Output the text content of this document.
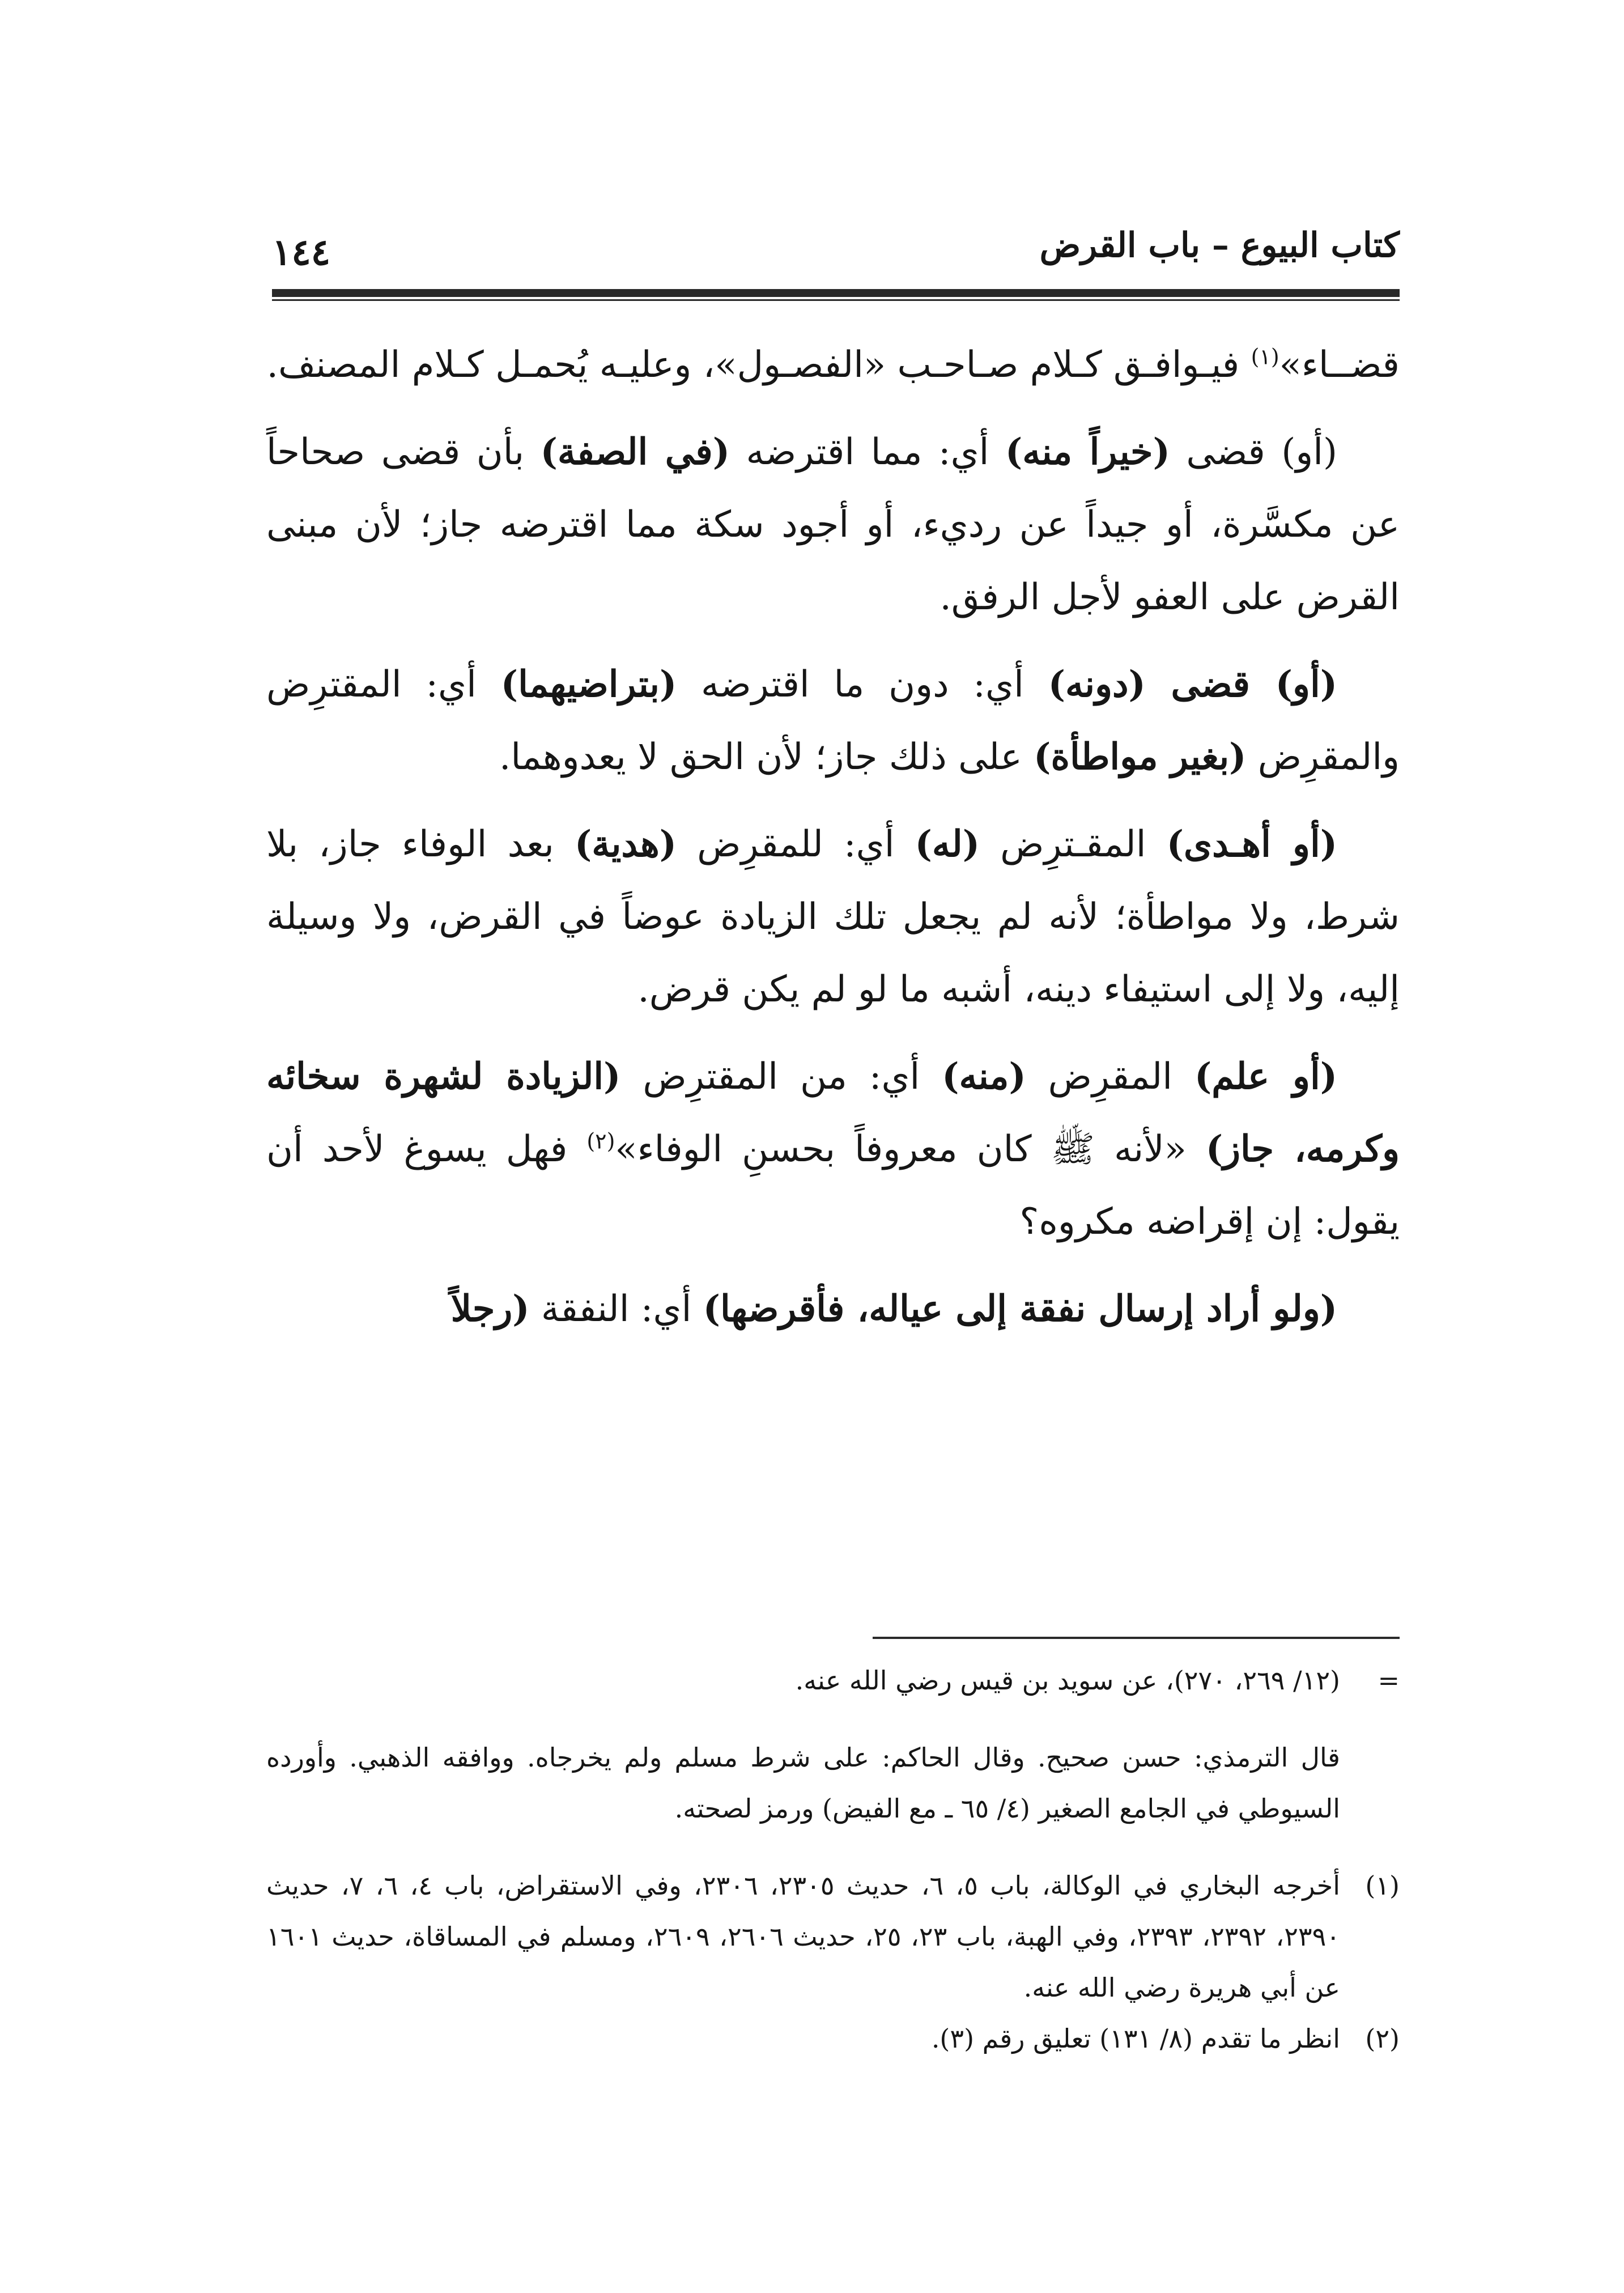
١٤٤	كتاب البيوع – باب القرض

قضــاء»$^{(١)}$ فيـوافـق كـلام صـاحـب «الفصـول»، وعليـه يُحمـل كـلام المصنف.

(أو) قضى (خيراً منه) أي: مما اقترضه (في الصفة) بأن قضى صحاحاً عن مكسَّرة، أو جيداً عن رديء، أو أجود سكة مما اقترضه جاز؛ لأن مبنى القرض على العفو لأجل الرفق.

(أو) قضى (دونه) أي: دون ما اقترضه (بتراضيهما) أي: المقترِض والمقرِض (بغير مواطأة) على ذلك جاز؛ لأن الحق لا يعدوهما.

(أو أهـدى) المقـترِض (له) أي: للمقرِض (هدية) بعد الوفاء جاز، بلا شرط، ولا مواطأة؛ لأنه لم يجعل تلك الزيادة عوضاً في القرض، ولا وسيلة إليه، ولا إلى استيفاء دينه، أشبه ما لو لم يكن قرض.

(أو علم) المقرِض (منه) أي: من المقترِض (الزيادة لشهرة سخائه وكرمه، جاز) «لأنه ﷺ كان معروفاً بحسنِ الوفاء»$^{(٢)}$ فهل يسوغ لأحد أن يقول: إن إقراضه مكروه؟

(ولو أراد إرسال نفقة إلى عياله، فأقرضها) أي: النفقة (رجلاً

=
(١٢/ ٢٦٩، ٢٧٠)، عن سويد بن قيس رضي الله عنه.

قال الترمذي: حسن صحيح. وقال الحاكم: على شرط مسلم ولم يخرجاه. ووافقه الذهبي. وأورده السيوطي في الجامع الصغير (٤/ ٦٥ ـ مع الفيض) ورمز لصحته.

(١)
أخرجه البخاري في الوكالة، باب ٥، ٦، حديث ٢٣٠٥، ٢٣٠٦، وفي الاستقراض، باب ٤، ٦، ٧، حديث ٢٣٩٠، ٢٣٩٢، ٢٣٩٣، وفي الهبة، باب ٢٣، ٢٥، حديث ٢٦٠٦، ٢٦٠٩، ومسلم في المساقاة، حديث ١٦٠١ عن أبي هريرة رضي الله عنه.
(٢)
انظر ما تقدم (٨/ ١٣١) تعليق رقم (٣).
